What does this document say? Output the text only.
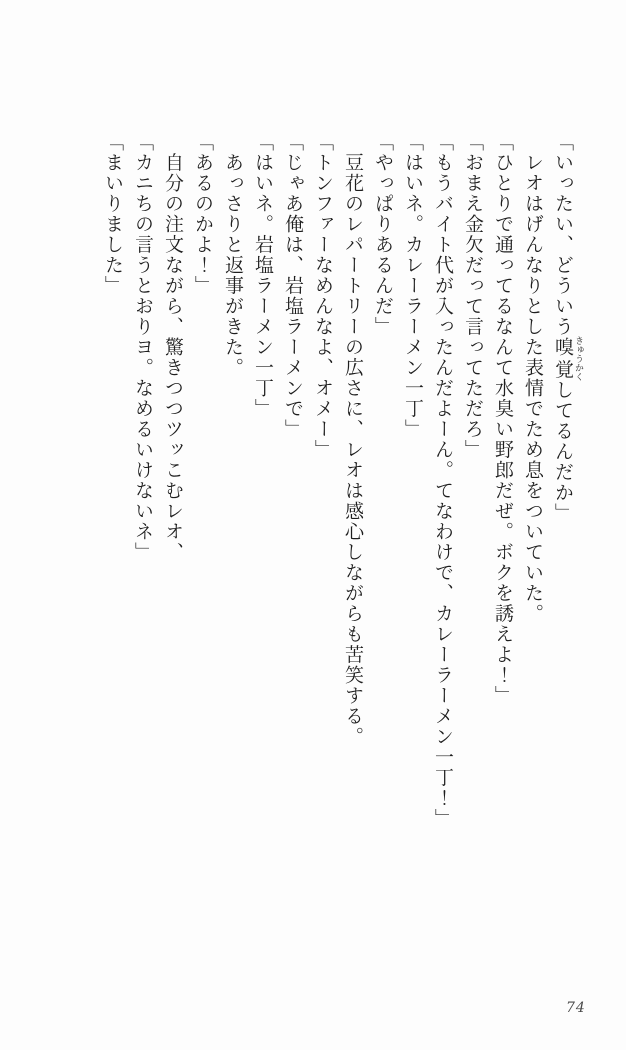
「いったい、どういう嗅覚 きゅうかくしてるんだか」

　レオはげんなりとした表情でため息をついていた。

「ひとりで通ってるなんて水臭い野郎だぜ。ボクを誘えよ！」

「おまえ金欠だって言ってただろ」

「もうバイト代が入ったんだよーん。てなわけで、カレーラーメン一丁！」

「はいネ。カレーラーメン一丁」

「やっぱりあるんだ」

　豆花のレパートリーの広さに、レオは感心しながらも苦笑する。

「トンファーなめんなよ、オメー」

「じゃあ俺は、岩塩ラーメンで」

「はいネ。岩塩ラーメン一丁」

　あっさりと返事がきた。

「あるのかよ！」

　自分の注文ながら、驚きつつツッこむレオ、

「カニちの言うとおりヨ。なめるいけないネ」

「まいりました」

74
